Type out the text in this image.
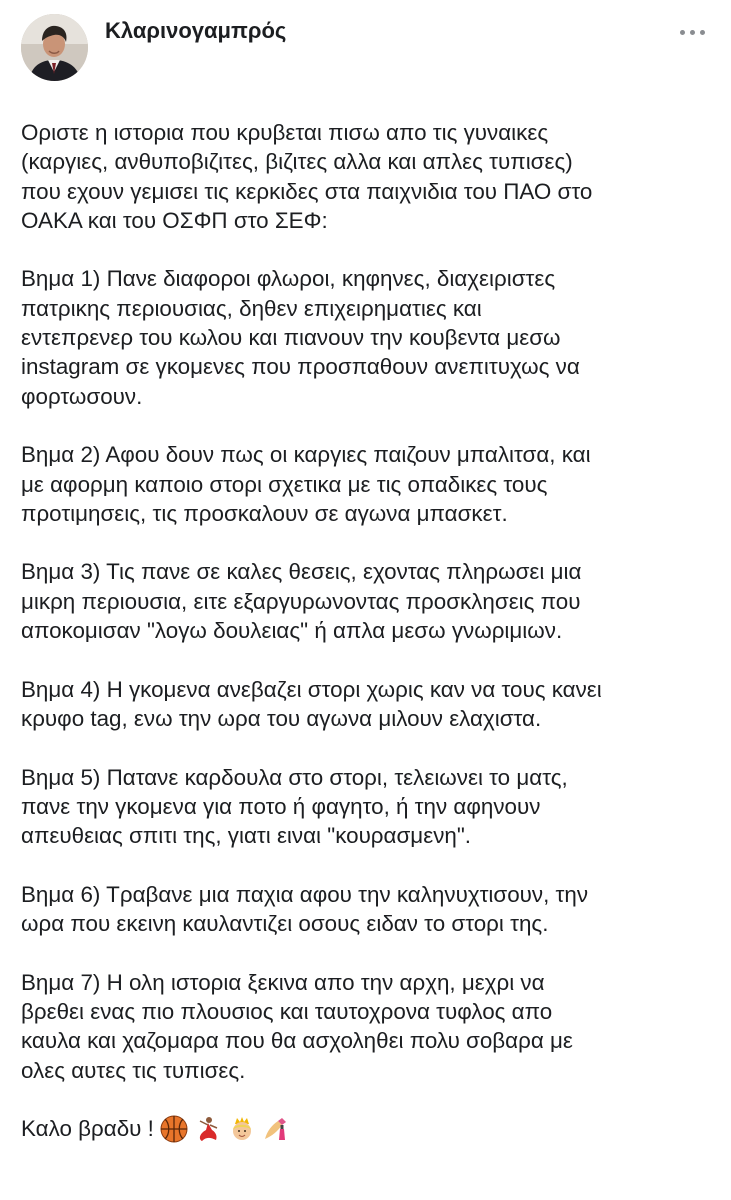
Κλαρινογαμπρός

Οριστε η ιστορια που κρυβεται πισω απο τις γυναικες
(καργιες, ανθυποβιζιτες, βιζιτες αλλα και απλες τυπισες)
που εχουν γεμισει τις κερκιδες στα παιχνιδια του ΠΑΟ στο
ΟΑΚΑ και του ΟΣΦΠ στο ΣΕΦ:

Βημα 1) Πανε διαφοροι φλωροι, κηφηνες, διαχειριστες
πατρικης περιουσιας, δηθεν επιχειρηματιες και
εντεπρενερ του κωλου και πιανουν την κουβεντα μεσω
instagram σε γκομενες που προσπαθουν ανεπιτυχως να
φορτωσουν.

Βημα 2) Αφου δουν πως οι καργιες παιζουν μπαλιτσα, και
με αφορμη καποιο στορι σχετικα με τις οπαδικες τους
προτιμησεις, τις προσκαλουν σε αγωνα μπασκετ.

Βημα 3) Τις πανε σε καλες θεσεις, εχοντας πληρωσει μια
μικρη περιουσια, ειτε εξαργυρωνοντας προσκλησεις που
αποκομισαν "λογω δουλειας" ή απλα μεσω γνωριμιων.

Βημα 4) Η γκομενα ανεβαζει στορι χωρις καν να τους κανει
κρυφο tag, ενω την ωρα του αγωνα μιλουν ελαχιστα.

Βημα 5) Πατανε καρδουλα στο στορι, τελειωνει το ματς,
πανε την γκομενα για ποτο ή φαγητο, ή την αφηνουν
απευθειας σπιτι της, γιατι ειναι "κουρασμενη".

Βημα 6) Τραβανε μια παχια αφου την καληνυχτισουν, την
ωρα που εκεινη καυλαντιζει οσους ειδαν το στορι της.

Βημα 7) Η ολη ιστορια ξεκινα απο την αρχη, μεχρι να
βρεθει ενας πιο πλουσιος και ταυτοχρονα τυφλος απο
καυλα και χαζομαρα που θα ασχοληθει πολυ σοβαρα με
ολες αυτες τις τυπισες.

Καλο βραδυ !
